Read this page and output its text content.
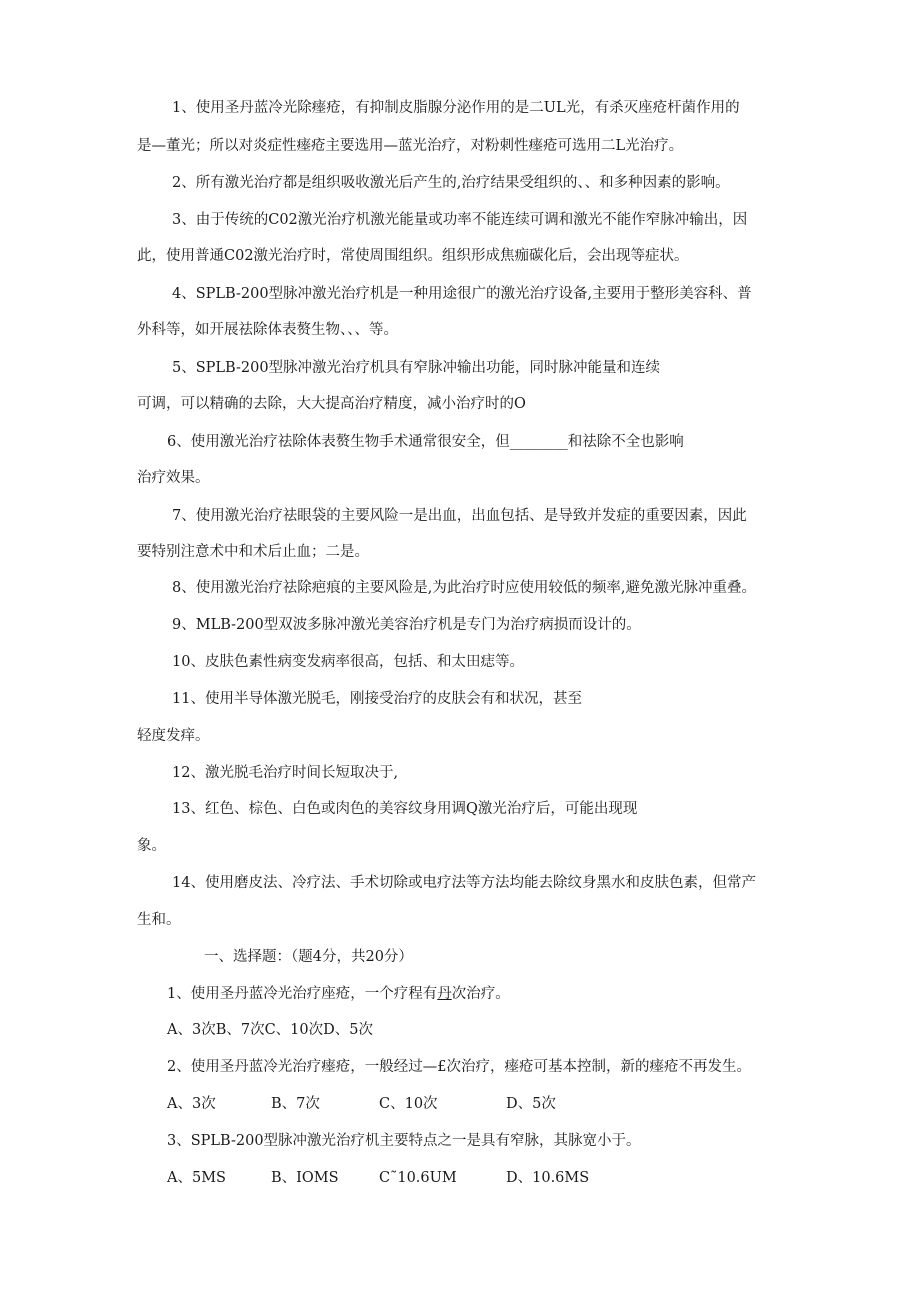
1、使用圣丹蓝冷光除瘗疮，有抑制皮脂腺分泌作用的是二UL光，有杀灭座疮杆菌作用的
是—董光；所以对炎症性瘗疮主要选用—蓝光治疗，对粉刺性瘗疮可选用二L光治疗。
2、所有激光治疗都是组织吸收激光后产生的,治疗结果受组织的、、和多种因素的影响。
3、由于传统的C02激光治疗机激光能量或功率不能连续可调和激光不能作窄脉冲输出，因
此，使用普通C02激光治疗时，常使周围组织。组织形成焦痂碳化后，会出现等症状。
4、SPLB-200型脉冲激光治疗机是一种用途很广的激光治疗设备,主要用于整形美容科、普
外科等，如开展祛除体表赘生物、、、等。
5、SPLB-200型脉冲激光治疗机具有窄脉冲输出功能，同时脉冲能量和连续
可调，可以精确的去除，大大提高治疗精度，减小治疗时的O
6、使用激光治疗祛除体表赘生物手术通常很安全，但________和祛除不全也影响
治疗效果。
7、使用激光治疗祛眼袋的主要风险一是出血，出血包括、是导致并发症的重要因素，因此
要特别注意术中和术后止血；二是。
8、使用激光治疗祛除疤痕的主要风险是,为此治疗时应使用较低的频率,避免激光脉冲重叠。
9、MLB-200型双波多脉冲激光美容治疗机是专门为治疗病损而设计的。
10、皮肤色素性病变发病率很高，包括、和太田痣等。
11、使用半导体激光脱毛，刚接受治疗的皮肤会有和状况，甚至
轻度发痒。
12、激光脱毛治疗时间长短取决于,
13、红色、棕色、白色或肉色的美容纹身用调Q激光治疗后，可能出现现
象。
14、使用磨皮法、冷疗法、手术切除或电疗法等方法均能去除纹身黑水和皮肤色素，但常产
生和。
一、选择题：（题4分，共20分）
1、使用圣丹蓝冷光治疗座疮，一个疗程有丹次治疗。
A、3次B、7次C、10次D、5次
2、使用圣丹蓝冷光治疗瘗疮，一般经过—£次治疗，瘗疮可基本控制，新的瘗疮不再发生。
A、3次	B、7次	C、10次	D、5次
3、SPLB-200型脉冲激光治疗机主要特点之一是具有窄脉，其脉宽小于。
A、5MS	B、IOMS	C˜10.6UM	D、10.6MS
